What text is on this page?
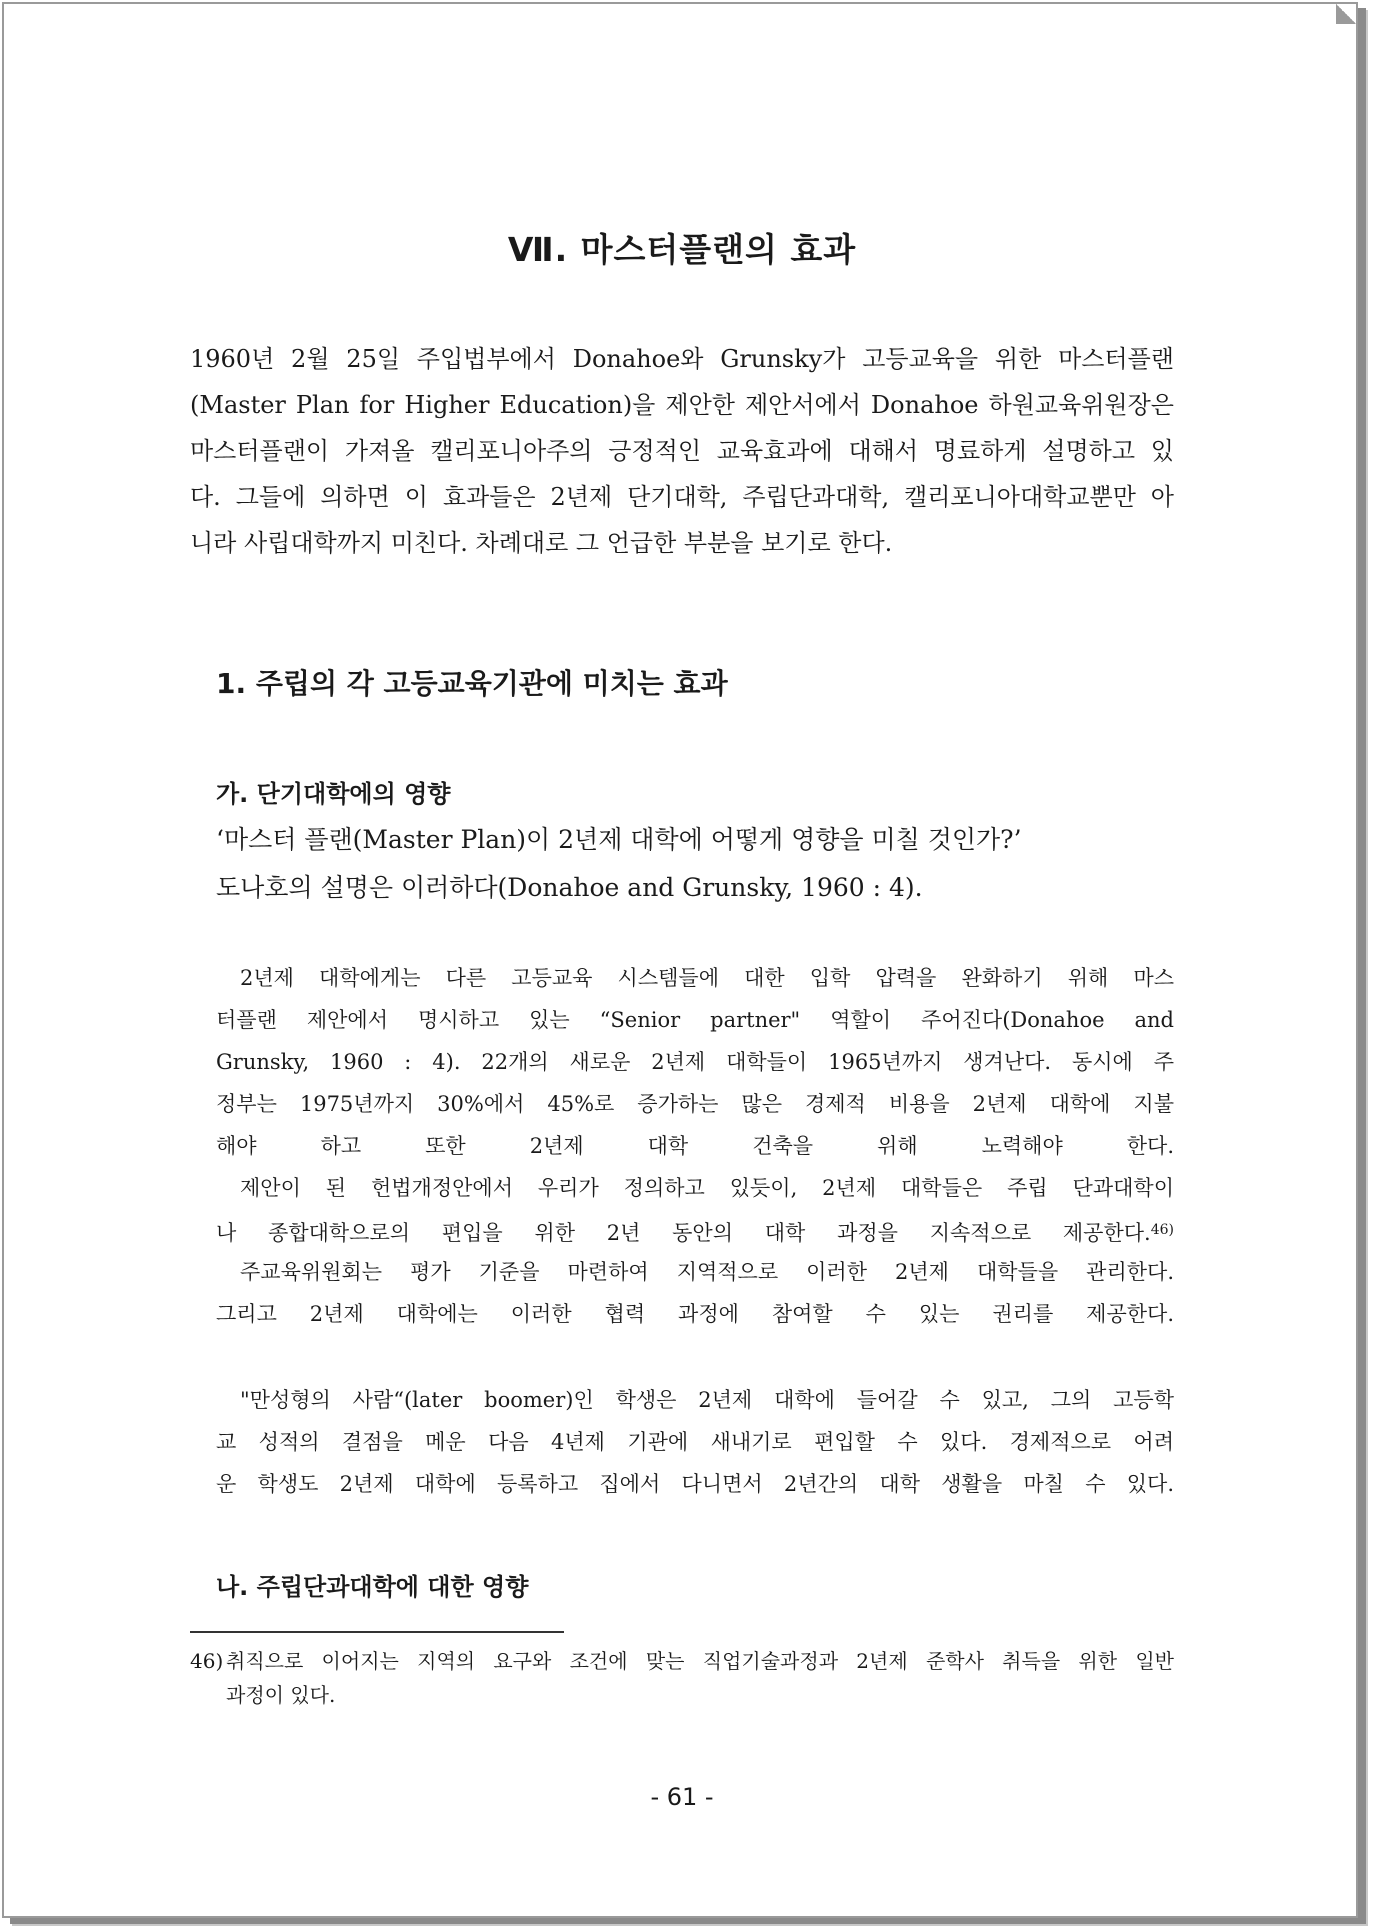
Ⅶ. 마스터플랜의 효과

1960년 2월 25일 주입법부에서 Donahoe와 Grunsky가 고등교육을 위한 마스터플랜

(Master Plan for Higher Education)을 제안한 제안서에서 Donahoe 하원교육위원장은

마스터플랜이 가져올 캘리포니아주의 긍정적인 교육효과에 대해서 명료하게 설명하고 있

다. 그들에 의하면 이 효과들은 2년제 단기대학, 주립단과대학, 캘리포니아대학교뿐만 아

니라 사립대학까지 미친다. 차례대로 그 언급한 부분을 보기로 한다.

1. 주립의 각 고등교육기관에 미치는 효과
가. 단기대학에의 영향

‘마스터 플랜(Master Plan)이 2년제 대학에 어떻게 영향을 미칠 것인가?’

도나호의 설명은 이러하다(Donahoe and Grunsky, 1960 : 4).

2년제 대학에게는 다른 고등교육 시스템들에 대한 입학 압력을 완화하기 위해 마스

터플랜 제안에서 명시하고 있는 “Senior partner" 역할이 주어진다(Donahoe and

Grunsky, 1960 : 4). 22개의 새로운 2년제 대학들이 1965년까지 생겨난다. 동시에 주

정부는 1975년까지 30%에서 45%로 증가하는 많은 경제적 비용을 2년제 대학에 지불

해야 하고 또한 2년제 대학 건축을 위해 노력해야 한다.

제안이 된 헌법개정안에서 우리가 정의하고 있듯이, 2년제 대학들은 주립 단과대학이

나 종합대학으로의 편입을 위한 2년 동안의 대학 과정을 지속적으로 제공한다.$^{46)}$

주교육위원회는 평가 기준을 마련하여 지역적으로 이러한 2년제 대학들을 관리한다.

그리고 2년제 대학에는 이러한 협력 과정에 참여할 수 있는 권리를 제공한다.

"만성형의 사람“(later boomer)인 학생은 2년제 대학에 들어갈 수 있고, 그의 고등학

교 성적의 결점을 메운 다음 4년제 기관에 새내기로 편입할 수 있다. 경제적으로 어려

운 학생도 2년제 대학에 등록하고 집에서 다니면서 2년간의 대학 생활을 마칠 수 있다.

나. 주립단과대학에 대한 영향

46) 취직으로 이어지는 지역의 요구와 조건에 맞는 직업기술과정과 2년제 준학사 취득을 위한 일반
과정이 있다.

- 61 -
